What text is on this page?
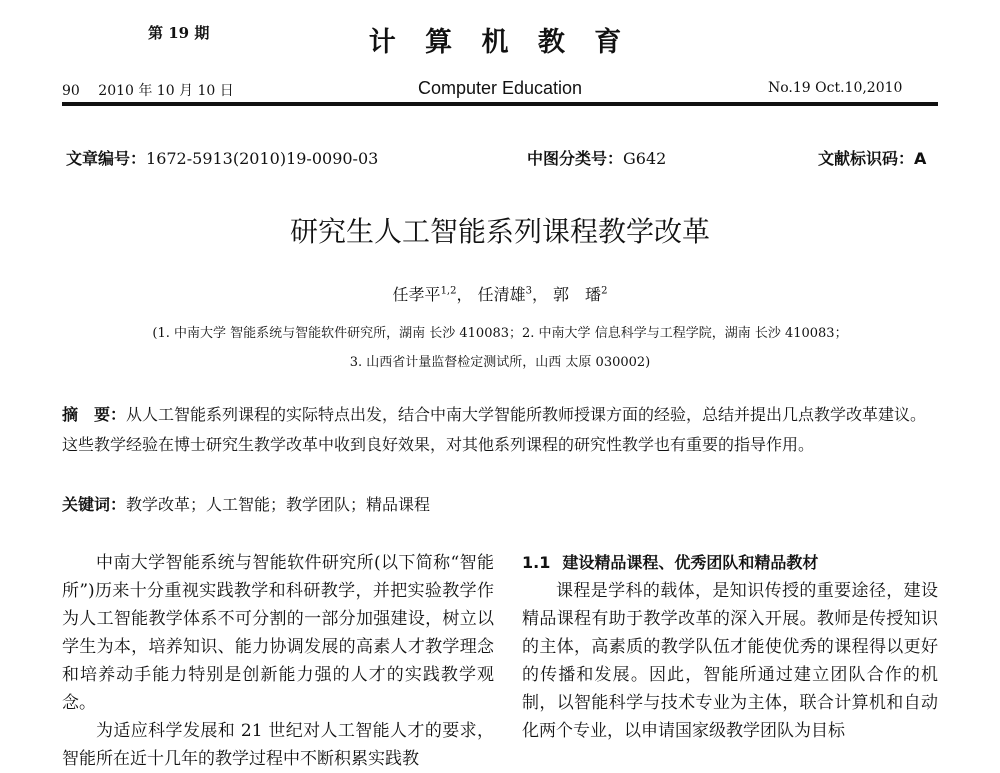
第 19 期
90 2010 年 10 月 10 日
计 算 机 教 育
Computer Education	No.19 Oct.10,2010
文章编号：1672-5913(2010)19-0090-03	中图分类号：G642	文献标识码：A
研究生人工智能系列课程教学改革
任孝平$^{1,2}$， 任清雄$^3$， 郭　璠$^2$
(1. 中南大学 智能系统与智能软件研究所，湖南 长沙 410083；2. 中南大学 信息科学与工程学院，湖南 长沙 410083；
3. 山西省计量监督检定测试所，山西 太原 030002)
摘　要：从人工智能系列课程的实际特点出发，结合中南大学智能所教师授课方面的经验，总结并提出几点教学改革建议。这些教学经验在博士研究生教学改革中收到良好效果，对其他系列课程的研究性教学也有重要的指导作用。
关键词：教学改革；人工智能；教学团队；精品课程

中南大学智能系统与智能软件研究所(以下简称“智能所”)历来十分重视实践教学和科研教学，并把实验教学作为人工智能教学体系不可分割的一部分加强建设，树立以学生为本，培养知识、能力协调发展的高素人才教学理念和培养动手能力特别是创新能力强的人才的实践教学观念。

为适应科学发展和 21 世纪对人工智能人才的要求，智能所在近十几年的教学过程中不断积累实践教

1.1 建设精品课程、优秀团队和精品教材

课程是学科的载体，是知识传授的重要途径，建设精品课程有助于教学改革的深入开展。教师是传授知识的主体，高素质的教学队伍才能使优秀的课程得以更好的传播和发展。因此，智能所通过建立团队合作的机制，以智能科学与技术专业为主体，联合计算机和自动化两个专业，以申请国家级教学团队为目标
